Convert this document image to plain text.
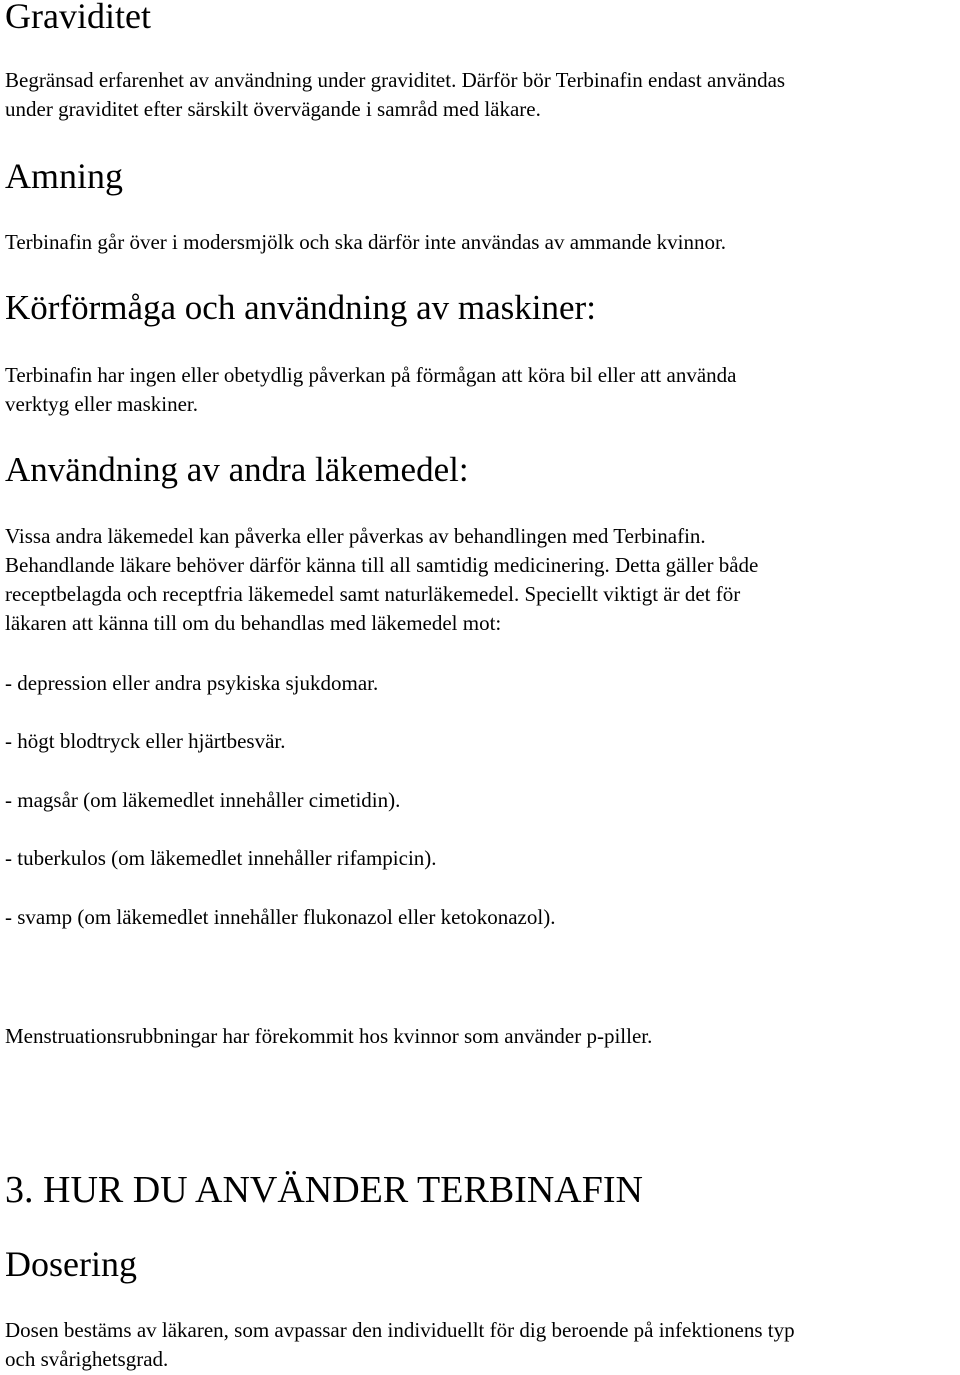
Graviditet

Begränsad erfarenhet av användning under graviditet. Därför bör Terbinafin endast användas

under graviditet efter särskilt övervägande i samråd med läkare.

Amning

Terbinafin går över i modersmjölk och ska därför inte användas av ammande kvinnor.

Körförmåga och användning av maskiner:

Terbinafin har ingen eller obetydlig påverkan på förmågan att köra bil eller att använda

verktyg eller maskiner.

Användning av andra läkemedel:

Vissa andra läkemedel kan påverka eller påverkas av behandlingen med Terbinafin.

Behandlande läkare behöver därför känna till all samtidig medicinering. Detta gäller både

receptbelagda och receptfria läkemedel samt naturläkemedel. Speciellt viktigt är det för

läkaren att känna till om du behandlas med läkemedel mot:

- depression eller andra psykiska sjukdomar.

- högt blodtryck eller hjärtbesvär.

- magsår (om läkemedlet innehåller cimetidin).

- tuberkulos (om läkemedlet innehåller rifampicin).

- svamp (om läkemedlet innehåller flukonazol eller ketokonazol).

Menstruationsrubbningar har förekommit hos kvinnor som använder p-piller.

3. HUR DU ANVÄNDER TERBINAFIN
Dosering

Dosen bestäms av läkaren, som avpassar den individuellt för dig beroende på infektionens typ

och svårighetsgrad.
